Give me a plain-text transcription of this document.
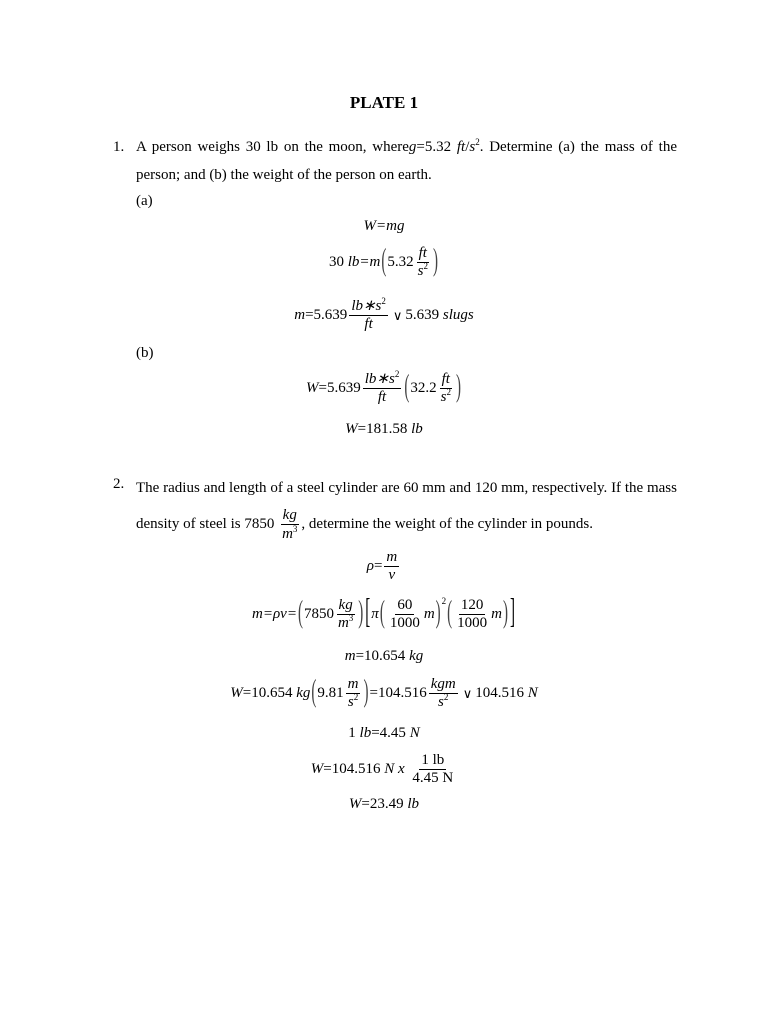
PLATE 1
1. A person weighs 30 lb on the moon, whereg=5.32 $ft/s^2$. Determine (a) the mass of the person; and (b) the weight of the person on earth.
(a)
W=mg
30
lb =m ( $5.32 \frac{ft}{s^2}$ )
$m =5.639 \frac{lb∗s^2}{ft}$ ∨ 5.639
slugs
(b)
$W =5.639 \frac{lb∗s^2}{ft}$ ( $32.2 \frac{ft}{s^2}$ )
W =181.58
lb
2. The radius and length of a steel cylinder are 60 mm and 120 mm, respectively. If the mass density of steel is $7850 \frac{kg}{m^3}$ , determine the weight of the cylinder in pounds.
$\rho = \frac{m}{v}$
m =ρv= ( $7850 \frac{kg}{m^3}$ ) [ π ( $\frac{60}{1000}$ m )$^2$ ( $\frac{120}{1000}$ m ) ]
m =10.654
kg
W =10.654
kg ( $9.81 \frac{m}{s^2}$ ) $=104.516 \frac{\text{kgm}}{s^2}$ ∨ 104.516
N
1
lb =4.45
N
W =104.516
N
x
$\frac{1 lb}{4.45 N}$
W =23.49
lb
